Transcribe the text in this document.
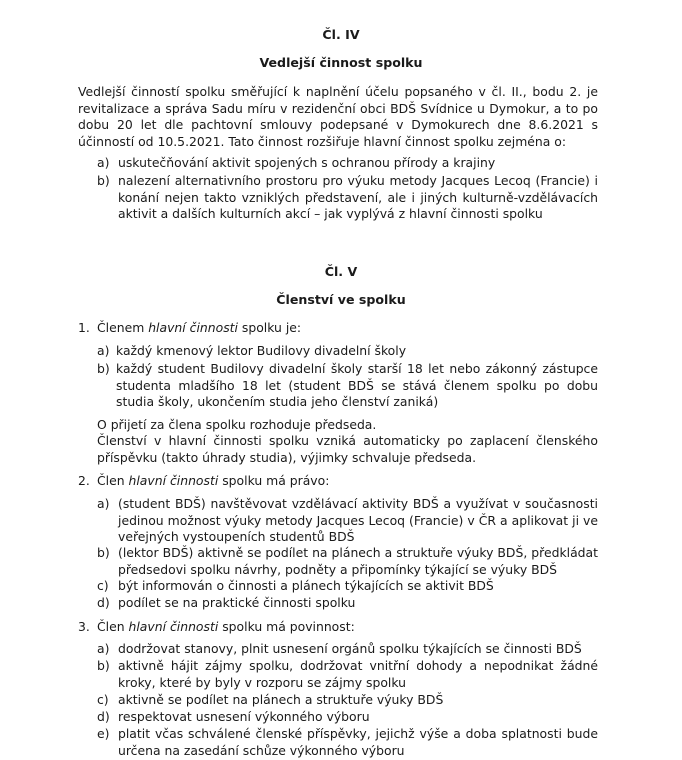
Čl. IV
Vedlejší činnost spolku
Vedlejší činností spolku směřující k naplnění účelu popsaného v čl. II., bodu 2. je revitalizace a správa Sadu míru v rezidenční obci BDŠ Svídnice u Dymokur, a to po dobu 20 let dle pachtovní smlouvy podepsané v Dymokurech dne 8.6.2021 s účinností od 10.5.2021. Tato činnost rozšiřuje hlavní činnost spolku zejména o:
a) uskutečňování aktivit spojených s ochranou přírody a krajiny
b) nalezení alternativního prostoru pro výuku metody Jacques Lecoq (Francie) i konání nejen takto vzniklých představení, ale i jiných kulturně-vzdělávacích aktivit a dalších kulturních akcí – jak vyplývá z hlavní činnosti spolku
Čl. V
Členství ve spolku
1. Členem hlavní činnosti spolku je:
a) každý kmenový lektor Budilovy divadelní školy
b) každý student Budilovy divadelní školy starší 18 let nebo zákonný zástupce studenta mladšího 18 let (student BDŠ se stává členem spolku po dobu studia školy, ukončením studia jeho členství zaniká)
O přijetí za člena spolku rozhoduje předseda.
Členství v hlavní činnosti spolku vzniká automaticky po zaplacení členského příspěvku (takto úhrady studia), výjimky schvaluje předseda.
2. Člen hlavní činnosti spolku má právo:
a) (student BDŠ) navštěvovat vzdělávací aktivity BDŠ a využívat v současnosti jedinou možnost výuky metody Jacques Lecoq (Francie) v ČR a aplikovat ji ve veřejných vystoupeních studentů BDŠ
b) (lektor BDŠ) aktivně se podílet na plánech a struktuře výuky BDŠ, předkládat předsedovi spolku návrhy, podněty a připomínky týkající se výuky BDŠ
c) být informován o činnosti a plánech týkajících se aktivit BDŠ
d) podílet se na praktické činnosti spolku
3. Člen hlavní činnosti spolku má povinnost:
a) dodržovat stanovy, plnit usnesení orgánů spolku týkajících se činnosti BDŠ
b) aktivně hájit zájmy spolku, dodržovat vnitřní dohody a nepodnikat žádné kroky, které by byly v rozporu se zájmy spolku
c) aktivně se podílet na plánech a struktuře výuky BDŠ
d) respektovat usnesení výkonného výboru
e) platit včas schválené členské příspěvky, jejichž výše a doba splatnosti bude určena na zasedání schůze výkonného výboru
